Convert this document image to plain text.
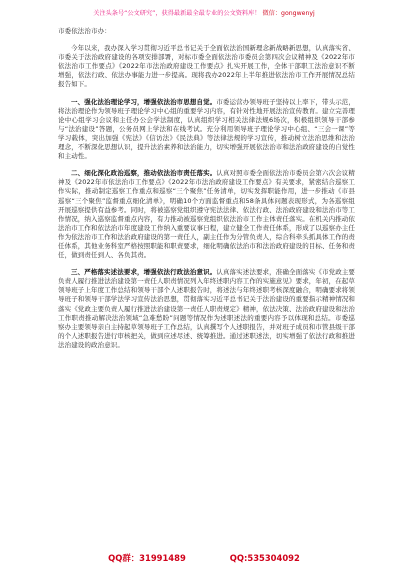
关注头条号“公文研究”，获得最新最全最专业的公文资料库！ 微信：gongwenyj

市委依法治市办：

今年以来，我办深入学习贯彻习近平总书记关于全面依法治国新理念新战略新思想，认真落实省、市委关于法治政府建设的各项安排部署，对标市委全面依法治市委员会第四次会议精神及《2022年市依法治市工作要点》《2022年市法治政府建设工作要点》扎实开展工作，全体干部职工法治意识不断增强，依法行政、依法办事能力进一步提高。现将我办2022年上半年推进依法治市工作开展情况总结报告如下。

一、强化法治理论学习，增强依法治市思想自觉。市委运营办领导班子坚持以上率下，带头示范，将法治理论作为领导班子理论学习中心组的重要学习内容，有针对性地开展法治宣传教育。建立完善理论中心组学习会议和主任办公会学法制度，认真组织学习相关法律法规6场次，积极组织领导干部参与“法治建设”答题，公务员网上学法和在线考试。充分利用领导班子理论学习中心组、“三会一课”等学习载体，突出加强《宪法》《信访法》《民法典》等法律法规的学习宣传，推动树立法治思维和法治理念，不断深化思想认识，提升法治素养和法治能力，切实增强开展依法治市和法治政府建设的自觉性和主动性。

二、细化深化政治巡察，推动依法治市责任落实。认真对照市委全面依法治市委员会第六次会议精神及《2022年市依法治市工作要点》《2022年市法治政府建设工作要点》有关要求，紧密结合巡察工作实际，推动制定巡察工作重点和巡察“三个聚焦”任务清单，切实发挥职能作用，进一步推动《市县巡察“三个聚焦”监督重点细化清单》，明确10个方面监督重点和58条具体问题表现形式，为各巡察组开展巡察提供有益参考。同时，将被巡察党组织遵守宪法法律、依法行政、法治政府建设和法治市等工作情况，纳入巡察监督重点内容，有力推动被巡察党组织依法治市工作主体责任落实。在机关内推动依法治市工作和依法治市年度建设工作纳入重要议事日程，建立健全工作责任体系，形成了以巡察办主任作为依法治市工作和法治政府建设的第一责任人，副主任作为分管负责人，综合科牵头抓具体工作的责任体系，其他业务科室严格按照职能和职责要求，细化明确依法治市和法治政府建设的目标、任务和责任，做到责任到人、各负其责。

三、严格落实述法要求，增强依法行政法治意识。认真落实述法要求，准确全面落实《市党政主要负责人履行推进法治建设第一责任人职责情况列入年终述职内容工作的实施意见》要求，年初，在起草领导班子上年度工作总结和领导干部个人述职报告时，将述法与年终述职考核深度融合，明确要求将领导班子和领导干部学法学习宣传法治思想，贯彻落实习近平总书记关于法治建设的重要指示精神情况和落实《党政主要负责人履行推进法治建设第一责任人职责规定》精神，依法决策、法治政府建设和法治工作职责推动解决法治领域“急难愁盼”问题等情况作为述职述法的重要内容予以体现和总结。市委巡察办主要领导亲自主持起草领导班子工作总结，认真撰写个人述职报告，并对班子成员和市管县级干部的个人述职报告进行审核把关，做到应述尽述、统筹推进。通过述职述法，切实增强了依法行政和推进法治建设的政治意识。

QQ群：31991489	QQ:535304092
